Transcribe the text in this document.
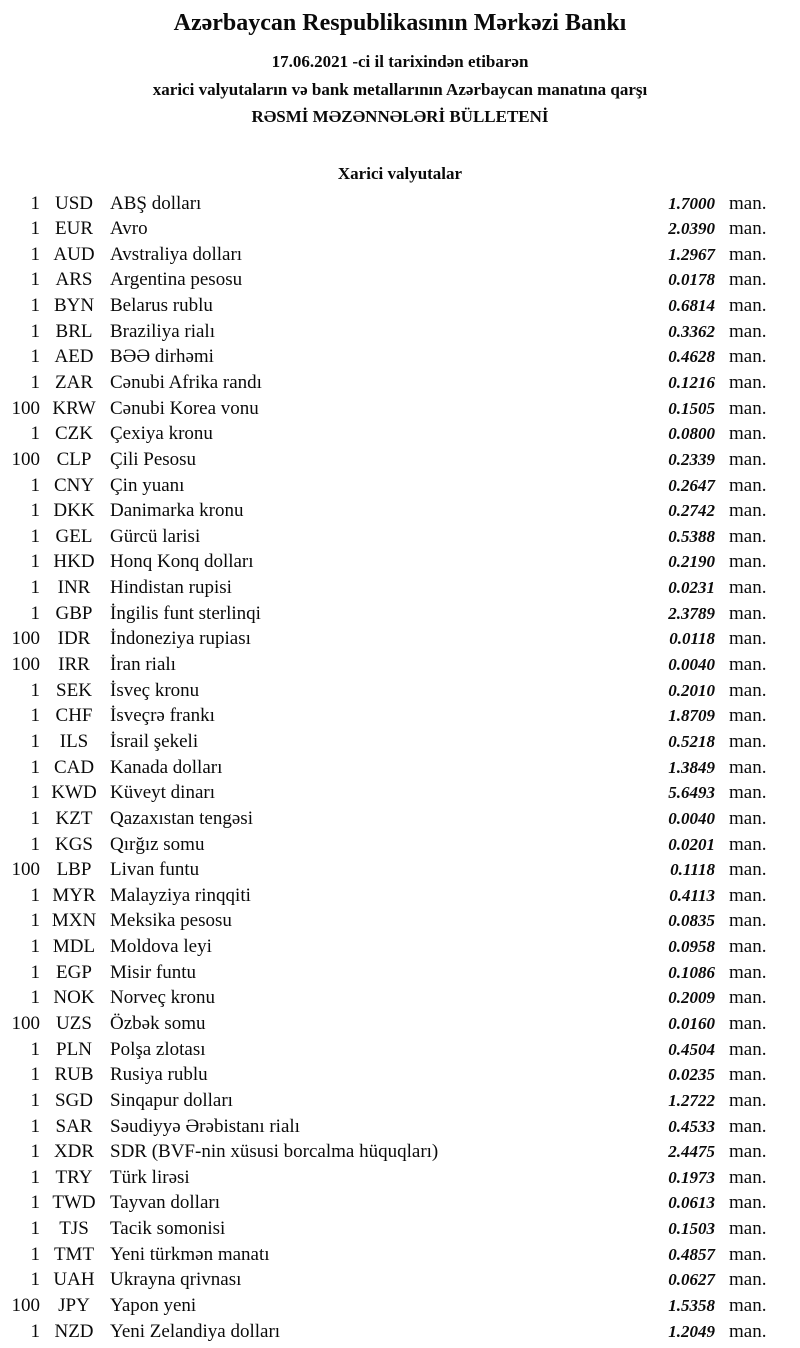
Azərbaycan Respublikasının Mərkəzi Bankı
17.06.2021 -ci il tarixindən etibarən
xarici valyutaların və bank metallarının Azərbaycan manatına qarşı
RƏSMİ MƏZƏNNƏLƏRİ BÜLLETENİ
Xarici valyutalar
1 USD ABŞ dolları	1.7000 man.
1 EUR Avro	2.0390 man.
1 AUD Avstraliya dolları	1.2967 man.
1 ARS Argentina pesosu	0.0178 man.
1 BYN Belarus rublu	0.6814 man.
1 BRL Braziliya rialı	0.3362 man.
1 AED BƏƏ dirhəmi	0.4628 man.
1 ZAR Cənubi Afrika randı	0.1216 man.
100 KRW Cənubi Korea vonu	0.1505 man.
1 CZK Çexiya kronu	0.0800 man.
100 CLP Çili Pesosu	0.2339 man.
1 CNY Çin yuanı	0.2647 man.
1 DKK Danimarka kronu	0.2742 man.
1 GEL Gürcü larisi	0.5388 man.
1 HKD Honq Konq dolları	0.2190 man.
1 INR	Hindistan rupisi	0.0231 man.
1 GBP İngilis funt sterlinqi	2.3789 man.
100 IDR	İndoneziya rupiası	0.0118 man.
100 IRR	İran rialı	0.0040 man.
1 SEK İsveç kronu	0.2010 man.
1 CHF İsveçrə frankı	1.8709 man.
1	ILS	İsrail şekeli	0.5218 man.
1 CAD Kanada dolları	1.3849 man.
1 KWD Küveyt dinarı	5.6493 man.
1 KZT Qazaxıstan tengəsi	0.0040 man.
1 KGS Qırğız somu	0.0201 man.
100 LBP Livan funtu	0.1118 man.
1 MYR Malayziya rinqqiti	0.4113 man.
1 MXN Meksika pesosu	0.0835 man.
1 MDL Moldova leyi	0.0958 man.
1 EGP Misir funtu	0.1086 man.
1 NOK Norveç kronu	0.2009 man.
100 UZS Özbək somu	0.0160 man.
1 PLN Polşa zlotası	0.4504 man.
1 RUB Rusiya rublu	0.0235 man.
1 SGD Sinqapur dolları	1.2722 man.
1 SAR Səudiyyə Ərəbistanı rialı	0.4533 man.
1 XDR SDR (BVF-nin xüsusi borcalma hüquqları)	2.4475 man.
1 TRY Türk lirəsi	0.1973 man.
1 TWD Tayvan dolları	0.0613 man.
1	TJS	Tacik somonisi	0.1503 man.
1 TMT Yeni türkmən manatı	0.4857 man.
1 UAH Ukrayna qrivnası	0.0627 man.
100 JPY	Yapon yeni	1.5358 man.
1 NZD Yeni Zelandiya dolları	1.2049 man.
